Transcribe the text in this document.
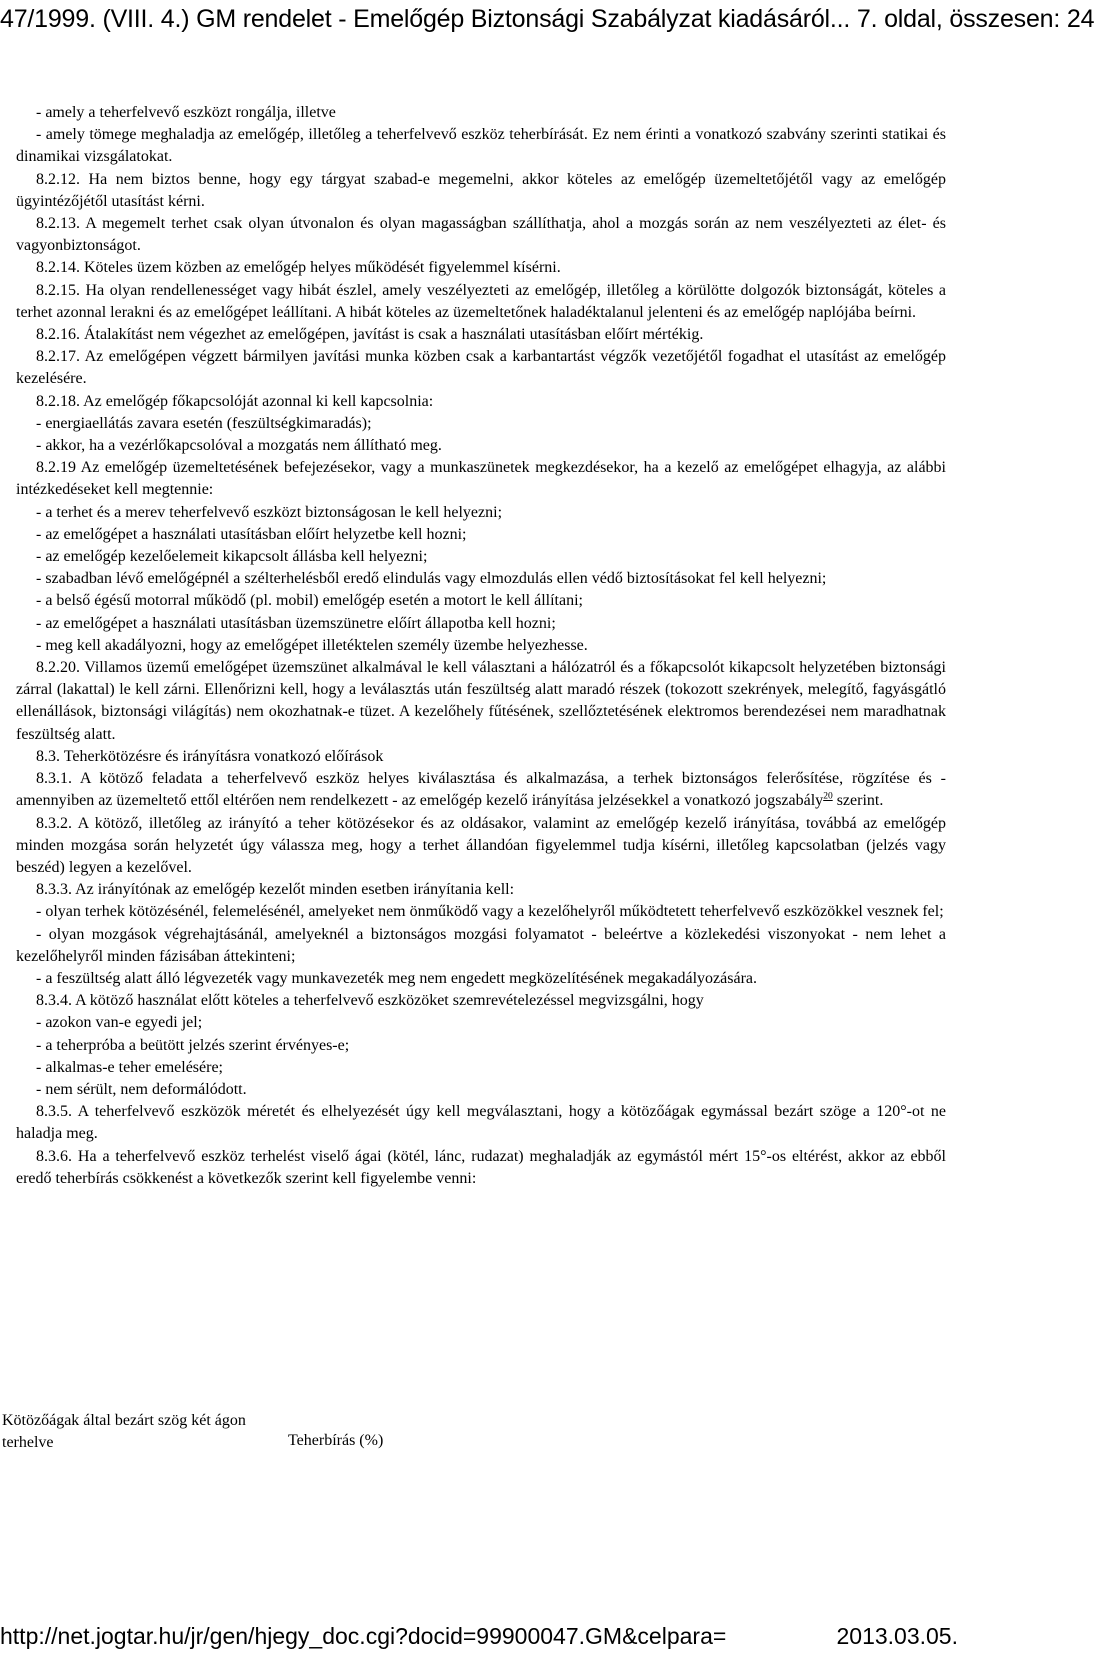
47/1999. (VIII. 4.) GM rendelet - Emelőgép Biztonsági Szabályzat kiadásáról... 7. oldal, összesen: 24

- amely a teherfelvevő eszközt rongálja, illetve

- amely tömege meghaladja az emelőgép, illetőleg a teherfelvevő eszköz teherbírását. Ez nem érinti a vonatkozó szabvány szerinti statikai és dinamikai vizsgálatokat.

8.2.12. Ha nem biztos benne, hogy egy tárgyat szabad-e megemelni, akkor köteles az emelőgép üzemeltetőjétől vagy az emelőgép ügyintézőjétől utasítást kérni.

8.2.13. A megemelt terhet csak olyan útvonalon és olyan magasságban szállíthatja, ahol a mozgás során az nem veszélyezteti az élet- és vagyonbiztonságot.

8.2.14. Köteles üzem közben az emelőgép helyes működését figyelemmel kísérni.

8.2.15. Ha olyan rendellenességet vagy hibát észlel, amely veszélyezteti az emelőgép, illetőleg a körülötte dolgozók biztonságát, köteles a terhet azonnal lerakni és az emelőgépet leállítani. A hibát köteles az üzemeltetőnek haladéktalanul jelenteni és az emelőgép naplójába beírni.

8.2.16. Átalakítást nem végezhet az emelőgépen, javítást is csak a használati utasításban előírt mértékig.

8.2.17. Az emelőgépen végzett bármilyen javítási munka közben csak a karbantartást végzők vezetőjétől fogadhat el utasítást az emelőgép kezelésére.

8.2.18. Az emelőgép főkapcsolóját azonnal ki kell kapcsolnia:

- energiaellátás zavara esetén (feszültségkimaradás);

- akkor, ha a vezérlőkapcsolóval a mozgatás nem állítható meg.

8.2.19 Az emelőgép üzemeltetésének befejezésekor, vagy a munkaszünetek megkezdésekor, ha a kezelő az emelőgépet elhagyja, az alábbi intézkedéseket kell megtennie:

- a terhet és a merev teherfelvevő eszközt biztonságosan le kell helyezni;

- az emelőgépet a használati utasításban előírt helyzetbe kell hozni;

- az emelőgép kezelőelemeit kikapcsolt állásba kell helyezni;

- szabadban lévő emelőgépnél a szélterhelésből eredő elindulás vagy elmozdulás ellen védő biztosításokat fel kell helyezni;

- a belső égésű motorral működő (pl. mobil) emelőgép esetén a motort le kell állítani;

- az emelőgépet a használati utasításban üzemszünetre előírt állapotba kell hozni;

- meg kell akadályozni, hogy az emelőgépet illetéktelen személy üzembe helyezhesse.

8.2.20. Villamos üzemű emelőgépet üzemszünet alkalmával le kell választani a hálózatról és a főkapcsolót kikapcsolt helyzetében biztonsági zárral (lakattal) le kell zárni. Ellenőrizni kell, hogy a leválasztás után feszültség alatt maradó részek (tokozott szekrények, melegítő, fagyásgátló ellenállások, biztonsági világítás) nem okozhatnak-e tüzet. A kezelőhely fűtésének, szellőztetésének elektromos berendezései nem maradhatnak feszültség alatt.

8.3. Teherkötözésre és irányításra vonatkozó előírások

8.3.1. A kötöző feladata a teherfelvevő eszköz helyes kiválasztása és alkalmazása, a terhek biztonságos felerősítése, rögzítése és - amennyiben az üzemeltető ettől eltérően nem rendelkezett - az emelőgép kezelő irányítása jelzésekkel a vonatkozó jogszabály$^{20}$ szerint.

8.3.2. A kötöző, illetőleg az irányító a teher kötözésekor és az oldásakor, valamint az emelőgép kezelő irányítása, továbbá az emelőgép minden mozgása során helyzetét úgy válassza meg, hogy a terhet állandóan figyelemmel tudja kísérni, illetőleg kapcsolatban (jelzés vagy beszéd) legyen a kezelővel.

8.3.3. Az irányítónak az emelőgép kezelőt minden esetben irányítania kell:

- olyan terhek kötözésénél, felemelésénél, amelyeket nem önműködő vagy a kezelőhelyről működtetett teherfelvevő eszközökkel vesznek fel;

- olyan mozgások végrehajtásánál, amelyeknél a biztonságos mozgási folyamatot - beleértve a közlekedési viszonyokat - nem lehet a kezelőhelyről minden fázisában áttekinteni;

- a feszültség alatt álló légvezeték vagy munkavezeték meg nem engedett megközelítésének megakadályozására.

8.3.4. A kötöző használat előtt köteles a teherfelvevő eszközöket szemrevételezéssel megvizsgálni, hogy

- azokon van-e egyedi jel;

- a teherpróba a beütött jelzés szerint érvényes-e;

- alkalmas-e teher emelésére;

- nem sérült, nem deformálódott.

8.3.5. A teherfelvevő eszközök méretét és elhelyezését úgy kell megválasztani, hogy a kötözőágak egymással bezárt szöge a 120°-ot ne haladja meg.

8.3.6. Ha a teherfelvevő eszköz terhelést viselő ágai (kötél, lánc, rudazat) meghaladják az egymástól mért 15°-os eltérést, akkor az ebből eredő teherbírás csökkenést a következők szerint kell figyelembe venni:

Kötözőágak által bezárt szög két ágon terhelve	Teherbírás (%)
http://net.jogtar.hu/jr/gen/hjegy_doc.cgi?docid=99900047.GM&celpara=	2013.03.05.
